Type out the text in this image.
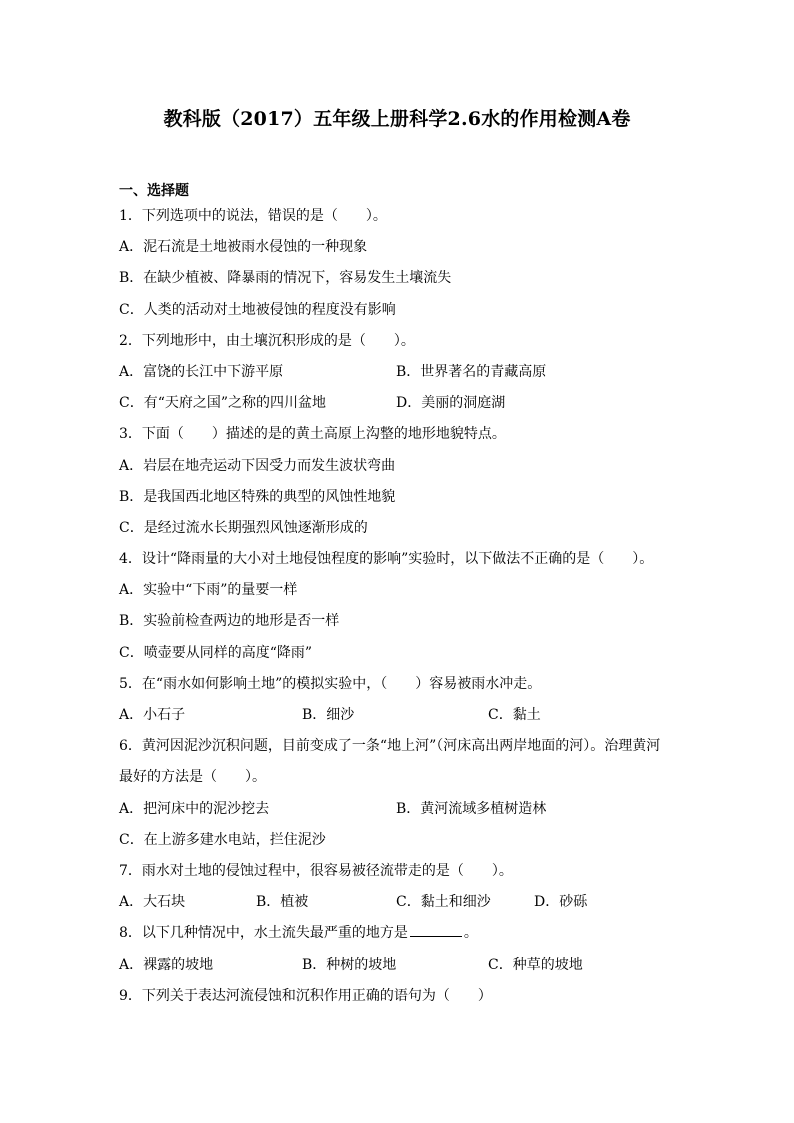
教科版（2017）五年级上册科学2.6水的作用检测A卷
一、选择题
1．下列选项中的说法，错误的是（　　）。
A．泥石流是土地被雨水侵蚀的一种现象
B．在缺少植被、降暴雨的情况下，容易发生土壤流失
C．人类的活动对土地被侵蚀的程度没有影响
2．下列地形中，由土壤沉积形成的是（　　）。
A．富饶的长江中下游平原	B．世界著名的青藏高原
C．有“天府之国”之称的四川盆地	D．美丽的洞庭湖
3．下面（　　）描述的是的黄土高原上沟整的地形地貌特点。
A．岩层在地壳运动下因受力而发生波状弯曲
B．是我国西北地区特殊的典型的风蚀性地貌
C．是经过流水长期强烈风蚀逐渐形成的
4．设计“降雨量的大小对土地侵蚀程度的影响”实验时，以下做法不正确的是（　　）。
A．实验中“下雨”的量要一样
B．实验前检查两边的地形是否一样
C．喷壶要从同样的高度“降雨”
5．在“雨水如何影响土地”的模拟实验中，（　　）容易被雨水冲走。
A．小石子	B．细沙	C．黏土
6．黄河因泥沙沉积问题，目前变成了一条“地上河”（河床高出两岸地面的河）。治理黄河
最好的方法是（　　）。
A．把河床中的泥沙挖去	B．黄河流域多植树造林
C．在上游多建水电站，拦住泥沙
7．雨水对土地的侵蚀过程中，很容易被径流带走的是（　　）。
A．大石块	B．植被	C．黏土和细沙	D．砂砾
8．以下几种情况中，水土流失最严重的地方是	。
A．裸露的坡地	B．种树的坡地	C．种草的坡地
9．下列关于表达河流侵蚀和沉积作用正确的语句为（　　）
